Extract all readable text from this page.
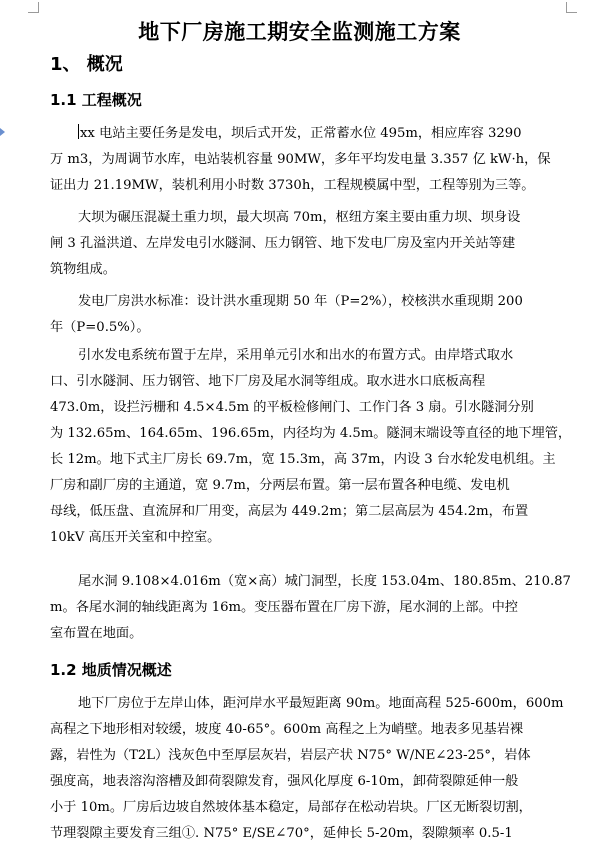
地下厂房施工期安全监测施工方案
1、 概况
1.1 工程概况
xx 电站主要任务是发电，坝后式开发，正常蓄水位 495m，相应库容 3290
万 m3，为周调节水库，电站装机容量 90MW，多年平均发电量 3.357 亿 kW·h，保
证出力 21.19MW，装机利用小时数 3730h，工程规模属中型，工程等别为三等。
大坝为碾压混凝土重力坝，最大坝高 70m，枢纽方案主要由重力坝、坝身设
闸 3 孔溢洪道、左岸发电引水隧洞、压力钢管、地下发电厂房及室内开关站等建
筑物组成。
发电厂房洪水标准：设计洪水重现期 50 年（P=2%），校核洪水重现期 200
年（P=0.5%）。
引水发电系统布置于左岸，采用单元引水和出水的布置方式。由岸塔式取水
口、引水隧洞、压力钢管、地下厂房及尾水洞等组成。取水进水口底板高程
473.0m，设拦污栅和 4.5×4.5m 的平板检修闸门、工作门各 3 扇。引水隧洞分别
为 132.65m、164.65m、196.65m，内径均为 4.5m。隧洞末端设等直径的地下埋管，
长 12m。地下式主厂房长 69.7m，宽 15.3m，高 37m，内设 3 台水轮发电机组。主
厂房和副厂房的主通道，宽 9.7m，分两层布置。第一层布置各种电缆、发电机
母线，低压盘、直流屏和厂用变，高层为 449.2m；第二层高层为 454.2m，布置
10kV 高压开关室和中控室。
尾水洞 9.108×4.016m（宽×高）城门洞型，长度 153.04m、180.85m、210.87
m。各尾水洞的轴线距离为 16m。变压器布置在厂房下游，尾水洞的上部。中控
室布置在地面。
1.2 地质情况概述
地下厂房位于左岸山体，距河岸水平最短距离 90m。地面高程 525-600m，600m
高程之下地形相对较缓，坡度 40-65°。600m 高程之上为峭壁。地表多见基岩裸
露，岩性为（T2L）浅灰色中至厚层灰岩，岩层产状 N75° W/NE∠23-25°，岩体
强度高，地表溶沟溶槽及卸荷裂隙发育，强风化厚度 6-10m，卸荷裂隙延伸一般
小于 10m。厂房后边坡自然坡体基本稳定，局部存在松动岩块。厂区无断裂切割，
节理裂隙主要发育三组①. N75° E/SE∠70°，延伸长 5-20m，裂隙频率 0.5-1
